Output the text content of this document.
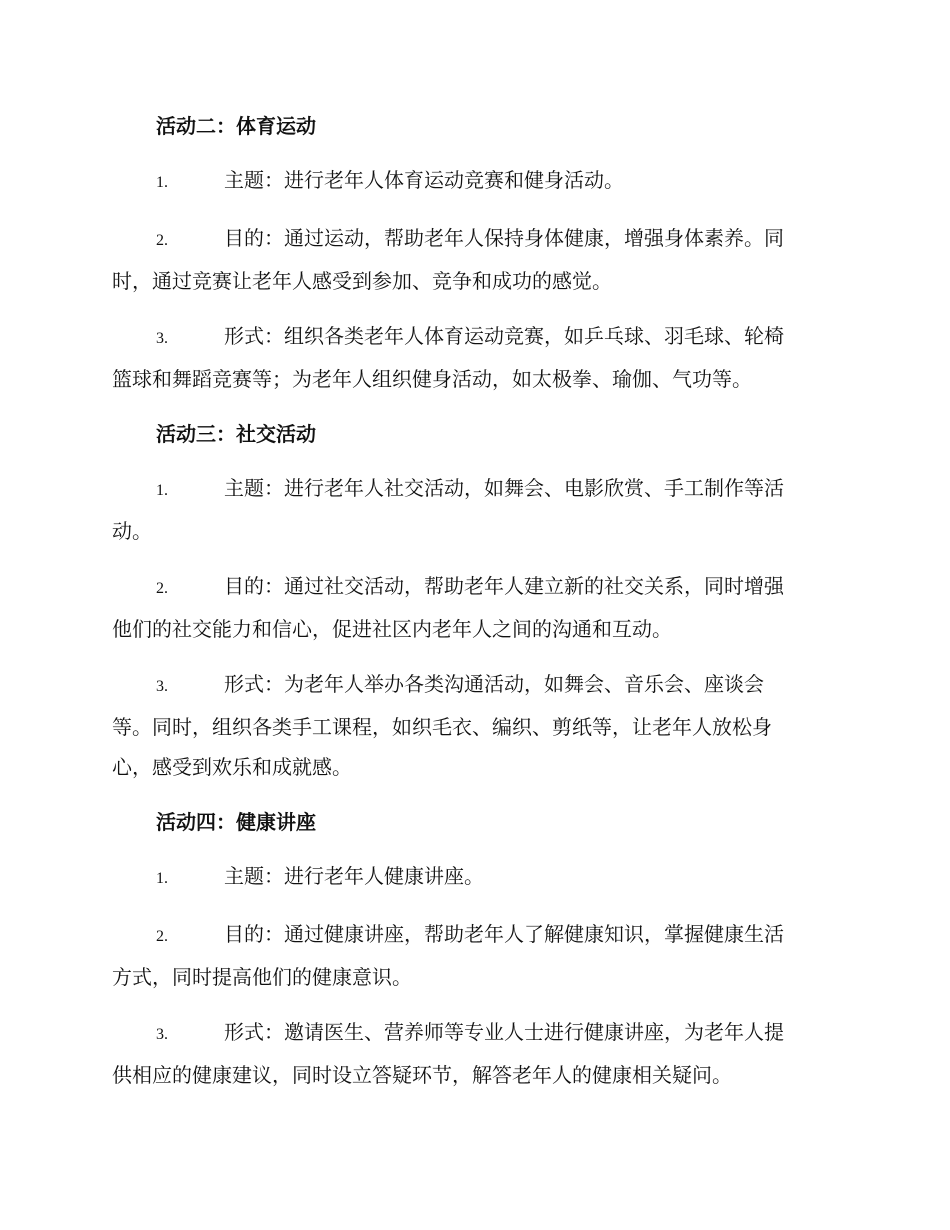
活动二：体育运动
1.	主题：进行老年人体育运动竞赛和健身活动。
2.	目的：通过运动，帮助老年人保持身体健康，增强身体素养。同
时，通过竞赛让老年人感受到参加、竞争和成功的感觉。
3.	形式：组织各类老年人体育运动竞赛，如乒乓球、羽毛球、轮椅
篮球和舞蹈竞赛等；为老年人组织健身活动，如太极拳、瑜伽、气功等。
活动三：社交活动
1.	主题：进行老年人社交活动，如舞会、电影欣赏、手工制作等活
动。
2.	目的：通过社交活动，帮助老年人建立新的社交关系，同时增强
他们的社交能力和信心，促进社区内老年人之间的沟通和互动。
3.	形式：为老年人举办各类沟通活动，如舞会、音乐会、座谈会
等。同时，组织各类手工课程，如织毛衣、编织、剪纸等，让老年人放松身
心，感受到欢乐和成就感。
活动四：健康讲座
1.	主题：进行老年人健康讲座。
2.	目的：通过健康讲座，帮助老年人了解健康知识，掌握健康生活
方式，同时提高他们的健康意识。
3.	形式：邀请医生、营养师等专业人士进行健康讲座，为老年人提
供相应的健康建议，同时设立答疑环节，解答老年人的健康相关疑问。
